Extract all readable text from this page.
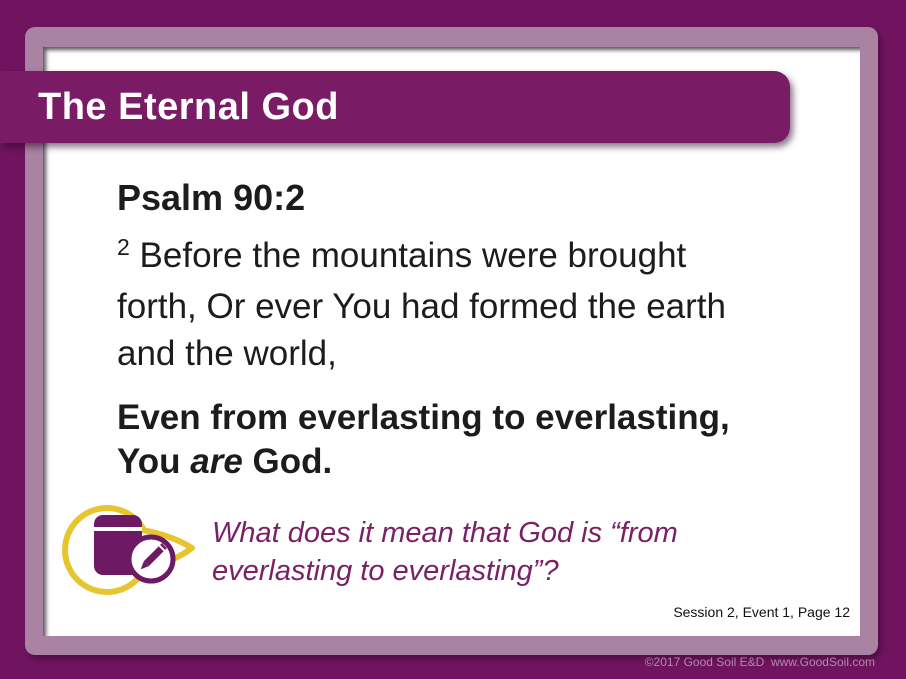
The Eternal God
Psalm 90:2
$^2$ Before the mountains were brought
forth, Or ever You had formed the earth
and the world,
Even from everlasting to everlasting,
You are God.
What does it mean that God is “from
everlasting to everlasting”?
Session 2, Event 1, Page 12
©2017 Good Soil E&D  www.GoodSoil.com
